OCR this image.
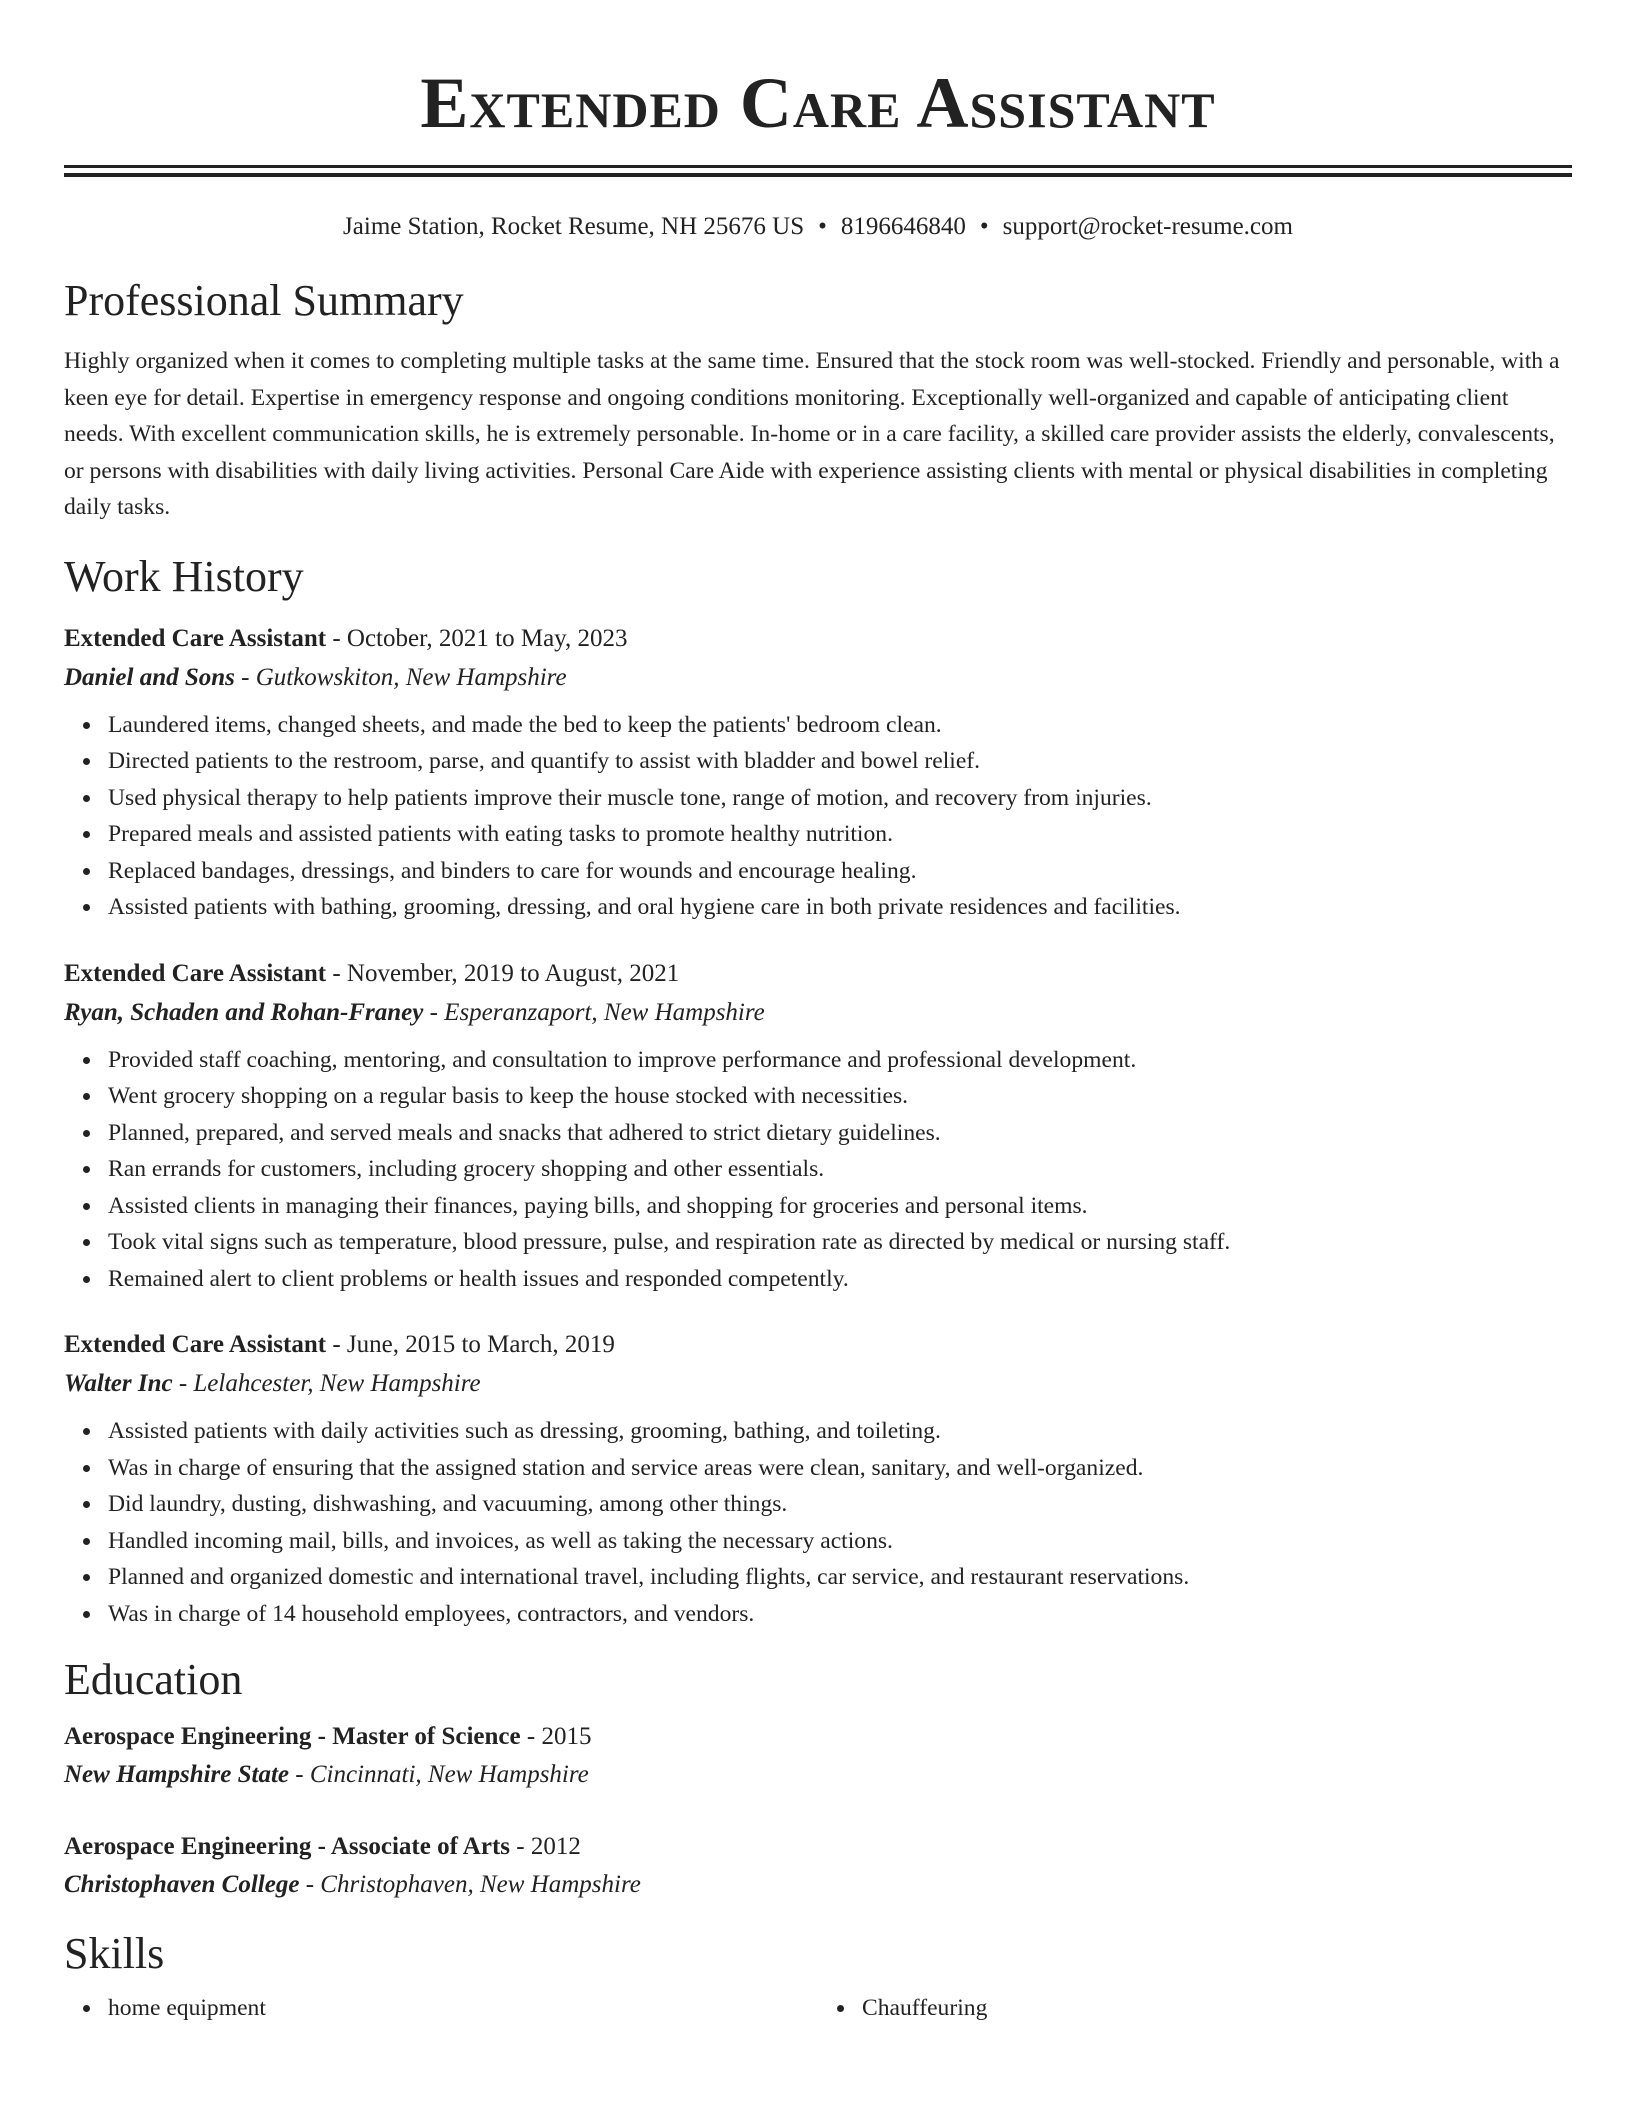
Extended Care Assistant
Jaime Station, Rocket Resume, NH 25676 US • 8196646840 • support@rocket-resume.com
Professional Summary
Highly organized when it comes to completing multiple tasks at the same time. Ensured that the stock room was well-stocked. Friendly and personable, with a keen eye for detail. Expertise in emergency response and ongoing conditions monitoring. Exceptionally well-organized and capable of anticipating client needs. With excellent communication skills, he is extremely personable. In-home or in a care facility, a skilled care provider assists the elderly, convalescents, or persons with disabilities with daily living activities. Personal Care Aide with experience assisting clients with mental or physical disabilities in completing daily tasks.
Work History
Extended Care Assistant - October, 2021 to May, 2023
Daniel and Sons - Gutkowskiton, New Hampshire
Laundered items, changed sheets, and made the bed to keep the patients' bedroom clean.
Directed patients to the restroom, parse, and quantify to assist with bladder and bowel relief.
Used physical therapy to help patients improve their muscle tone, range of motion, and recovery from injuries.
Prepared meals and assisted patients with eating tasks to promote healthy nutrition.
Replaced bandages, dressings, and binders to care for wounds and encourage healing.
Assisted patients with bathing, grooming, dressing, and oral hygiene care in both private residences and facilities.
Extended Care Assistant - November, 2019 to August, 2021
Ryan, Schaden and Rohan-Franey - Esperanzaport, New Hampshire
Provided staff coaching, mentoring, and consultation to improve performance and professional development.
Went grocery shopping on a regular basis to keep the house stocked with necessities.
Planned, prepared, and served meals and snacks that adhered to strict dietary guidelines.
Ran errands for customers, including grocery shopping and other essentials.
Assisted clients in managing their finances, paying bills, and shopping for groceries and personal items.
Took vital signs such as temperature, blood pressure, pulse, and respiration rate as directed by medical or nursing staff.
Remained alert to client problems or health issues and responded competently.
Extended Care Assistant - June, 2015 to March, 2019
Walter Inc - Lelahcester, New Hampshire
Assisted patients with daily activities such as dressing, grooming, bathing, and toileting.
Was in charge of ensuring that the assigned station and service areas were clean, sanitary, and well-organized.
Did laundry, dusting, dishwashing, and vacuuming, among other things.
Handled incoming mail, bills, and invoices, as well as taking the necessary actions.
Planned and organized domestic and international travel, including flights, car service, and restaurant reservations.
Was in charge of 14 household employees, contractors, and vendors.
Education
Aerospace Engineering - Master of Science - 2015
New Hampshire State - Cincinnati, New Hampshire
Aerospace Engineering - Associate of Arts - 2012
Christophaven College - Christophaven, New Hampshire
Skills
home equipment	Chauffeuring
